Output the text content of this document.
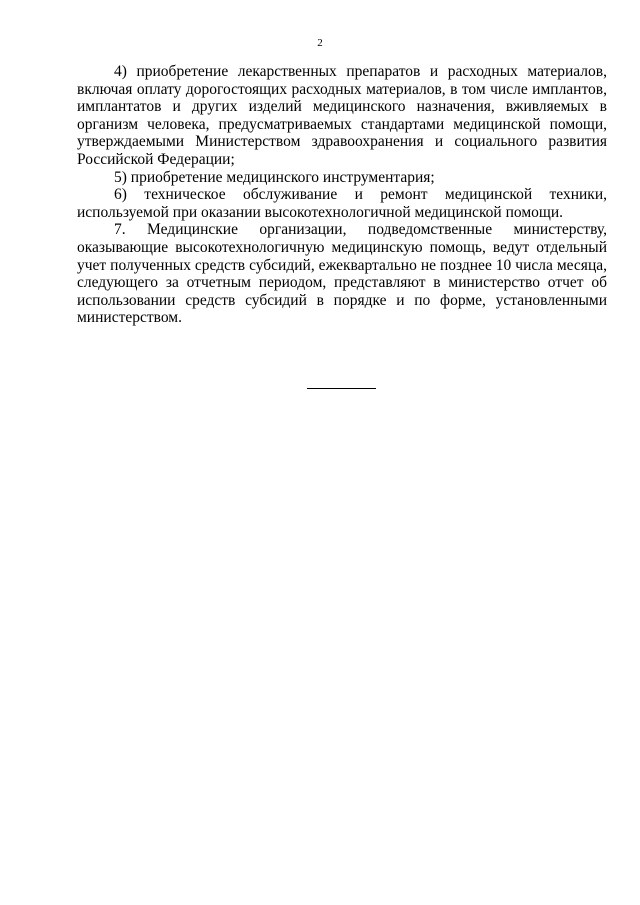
2

4) приобретение лекарственных препаратов и расходных материалов, включая оплату дорогостоящих расходных материалов, в том числе имплантов, имплантатов и других изделий медицинского назначения, вживляемых в организм человека, предусматриваемых стандартами медицинской помощи, утверждаемыми Министерством здравоохранения и социального развития Российской Федерации;

5) приобретение медицинского инструментария;

6) техническое обслуживание и ремонт медицинской техники, используемой при оказании высокотехнологичной медицинской помощи.

7. Медицинские организации, подведомственные министерству, оказывающие высокотехнологичную медицинскую помощь, ведут отдельный учет полученных средств субсидий, ежеквартально не позднее 10 числа месяца, следующего за отчетным периодом, представляют в министерство отчет об использовании средств субсидий в порядке и по форме, установленными министерством.
